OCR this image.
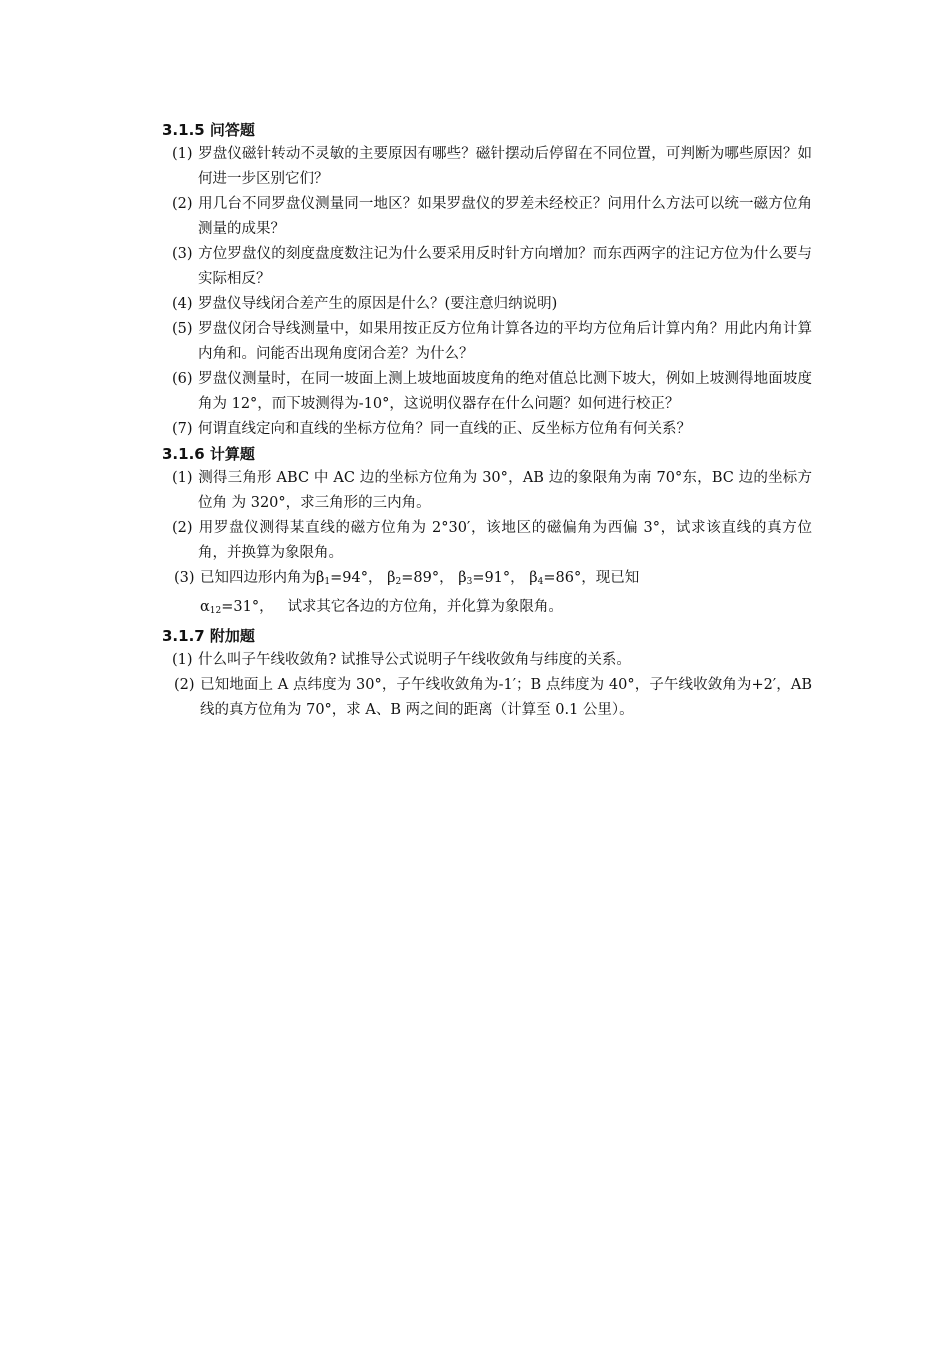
3.1.5 问答题

(1) 罗盘仪磁针转动不灵敏的主要原因有哪些？磁针摆动后停留在不同位置，可判断为哪些原因？如何进一步区别它们？

(2) 用几台不同罗盘仪测量同一地区？如果罗盘仪的罗差未经校正？问用什么方法可以统一磁方位角测量的成果？

(3) 方位罗盘仪的刻度盘度数注记为什么要采用反时针方向增加？而东西两字的注记方位为什么要与实际相反？

(4) 罗盘仪导线闭合差产生的原因是什么？(要注意归纳说明)

(5) 罗盘仪闭合导线测量中，如果用按正反方位角计算各边的平均方位角后计算内角？用此内角计算内角和。问能否出现角度闭合差？为什么？

(6) 罗盘仪测量时，在同一坡面上测上坡地面坡度角的绝对值总比测下坡大，例如上坡测得地面坡度角为 12°，而下坡测得为-10°，这说明仪器存在什么问题？如何进行校正？

(7) 何谓直线定向和直线的坐标方位角？同一直线的正、反坐标方位角有何关系？

3.1.6 计算题

(1) 测得三角形 ABC 中 AC 边的坐标方位角为 30°，AB 边的象限角为南 70°东，BC 边的坐标方位角 为 320°，求三角形的三内角。

(2) 用罗盘仪测得某直线的磁方位角为 2°30′，该地区的磁偏角为西偏 3°，试求该直线的真方位角，并换算为象限角。

(3) 已知四边形内角为$\beta_1=94^\circ$， $\beta_2=89^\circ$， $\beta_3=91^\circ$， $\beta_4=86^\circ$，现已知
$\alpha_{12}=31^\circ$， 试求其它各边的方位角，并化算为象限角。

3.1.7 附加题

(1) 什么叫子午线收敛角? 试推导公式说明子午线收敛角与纬度的关系。

(2) 已知地面上 A 点纬度为 30°，子午线收敛角为-1′；B 点纬度为 40°，子午线收敛角为+2′，AB 线的真方位角为 70°，求 A、B 两之间的距离（计算至 0.1 公里）。
